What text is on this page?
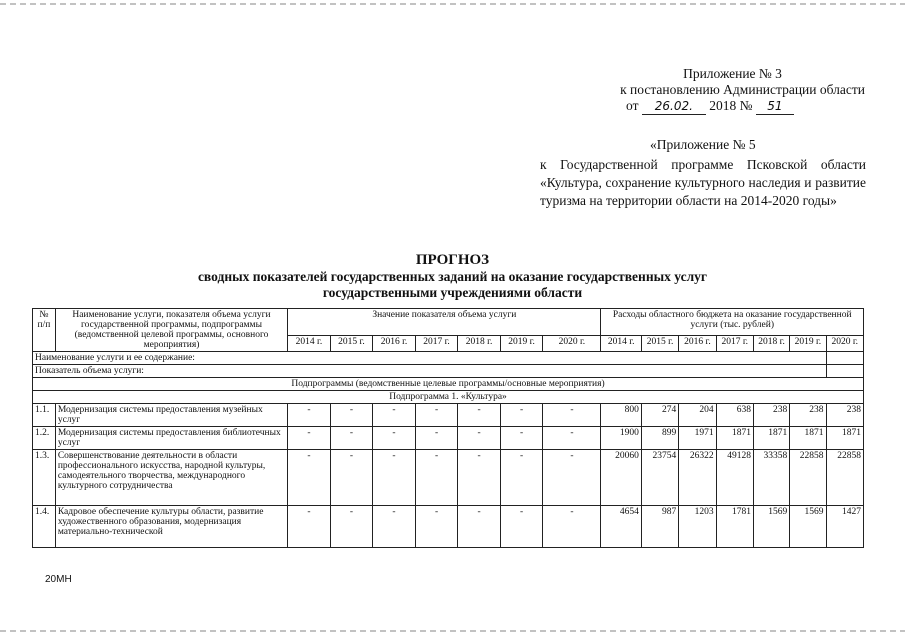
Приложение № 3
к постановлению Администрации области
от 26.02. 2018 № 51
«Приложение № 5
к Государственной программе Псковской области «Культура, сохранение культурного наследия и развитие туризма на территории области на 2014-2020 годы»
ПРОГНОЗ
сводных показателей государственных заданий на оказание государственных услуг
государственными учреждениями области
№ п/п	Наименование услуги, показателя объема услуги государственной программы, подпрограммы (ведомственной целевой программы, основного мероприятия)	Значение показателя объема услуги							Расходы областного бюджета на оказание государственной услуги (тыс. рублей)						
		2014 г.	2015 г.	2016 г.	2017 г.	2018 г.	2019 г.	2020 г.	2014 г.	2015 г.	2016 г.	2017 г.	2018 г.	2019 г.	2020 г.
Наименование услуги и ее содержание:															
Показатель объема услуги:															
Подпрограммы (ведомственные целевые программы/основные мероприятия)															
Подпрограмма 1. «Культура»															
1.1.	Модернизация системы предоставления музейных услуг	-	-	-	-	-	-	-	800	274	204	638	238	238	238
1.2.	Модернизация системы предоставления библиотечных услуг	-	-	-	-	-	-	-	1900	899	1971	1871	1871	1871	1871
1.3.	Совершенствование деятельности в области профессионального искусства, народной культуры, самодеятельного творчества, международного культурного сотрудничества	-	-	-	-	-	-	-	20060	23754	26322	49128	33358	22858	22858
1.4.	Кадровое обеспечение культуры области, развитие художественного образования, модернизация материально-технической	-	-	-	-	-	-	-	4654	987	1203	1781	1569	1569	1427
20МН
